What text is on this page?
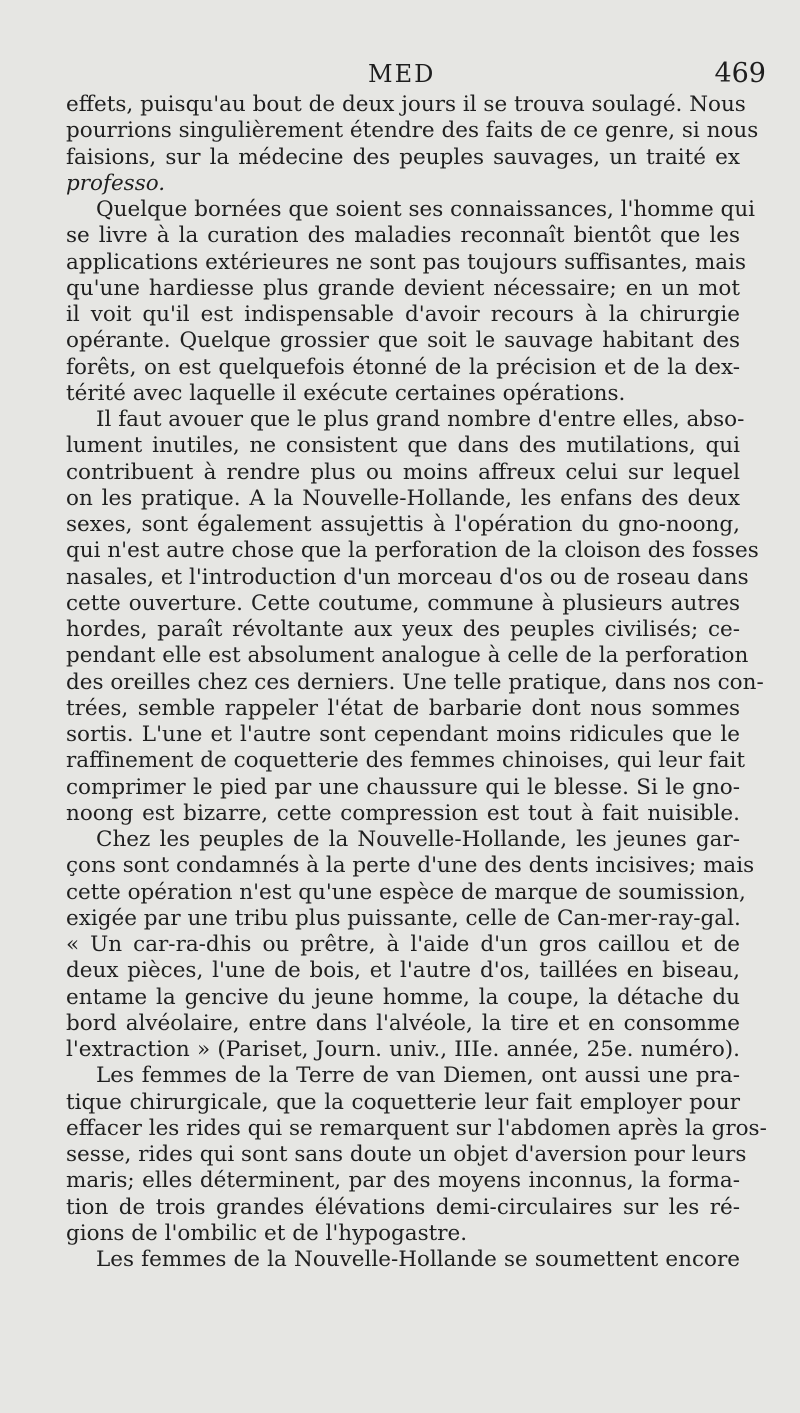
MED	469
effets, puisqu'au bout de deux jours il se trouva soulagé. Nous
pourrions singulièrement étendre des faits de ce genre, si nous
faisions, sur la médecine des peuples sauvages, un traité ex
professo.
Quelque bornées que soient ses connaissances, l'homme qui
se livre à la curation des maladies reconnaît bientôt que les
applications extérieures ne sont pas toujours suffisantes, mais
qu'une hardiesse plus grande devient nécessaire; en un mot
il voit qu'il est indispensable d'avoir recours à la chirurgie
opérante. Quelque grossier que soit le sauvage habitant des
forêts, on est quelquefois étonné de la précision et de la dex-
térité avec laquelle il exécute certaines opérations.
Il faut avouer que le plus grand nombre d'entre elles, abso-
lument inutiles, ne consistent que dans des mutilations, qui
contribuent à rendre plus ou moins affreux celui sur lequel
on les pratique. A la Nouvelle-Hollande, les enfans des deux
sexes, sont également assujettis à l'opération du gno-noong,
qui n'est autre chose que la perforation de la cloison des fosses
nasales, et l'introduction d'un morceau d'os ou de roseau dans
cette ouverture. Cette coutume, commune à plusieurs autres
hordes, paraît révoltante aux yeux des peuples civilisés; ce-
pendant elle est absolument analogue à celle de la perforation
des oreilles chez ces derniers. Une telle pratique, dans nos con-
trées, semble rappeler l'état de barbarie dont nous sommes
sortis. L'une et l'autre sont cependant moins ridicules que le
raffinement de coquetterie des femmes chinoises, qui leur fait
comprimer le pied par une chaussure qui le blesse. Si le gno-
noong est bizarre, cette compression est tout à fait nuisible.
Chez les peuples de la Nouvelle-Hollande, les jeunes gar-
çons sont condamnés à la perte d'une des dents incisives; mais
cette opération n'est qu'une espèce de marque de soumission,
exigée par une tribu plus puissante, celle de Can-mer-ray-gal.
« Un car-ra-dhis ou prêtre, à l'aide d'un gros caillou et de
deux pièces, l'une de bois, et l'autre d'os, taillées en biseau,
entame la gencive du jeune homme, la coupe, la détache du
bord alvéolaire, entre dans l'alvéole, la tire et en consomme
l'extraction » (Pariset, Journ. univ., IIIe. année, 25e. numéro).
Les femmes de la Terre de van Diemen, ont aussi une pra-
tique chirurgicale, que la coquetterie leur fait employer pour
effacer les rides qui se remarquent sur l'abdomen après la gros-
sesse, rides qui sont sans doute un objet d'aversion pour leurs
maris; elles déterminent, par des moyens inconnus, la forma-
tion de trois grandes élévations demi-circulaires sur les ré-
gions de l'ombilic et de l'hypogastre.
Les femmes de la Nouvelle-Hollande se soumettent encore
